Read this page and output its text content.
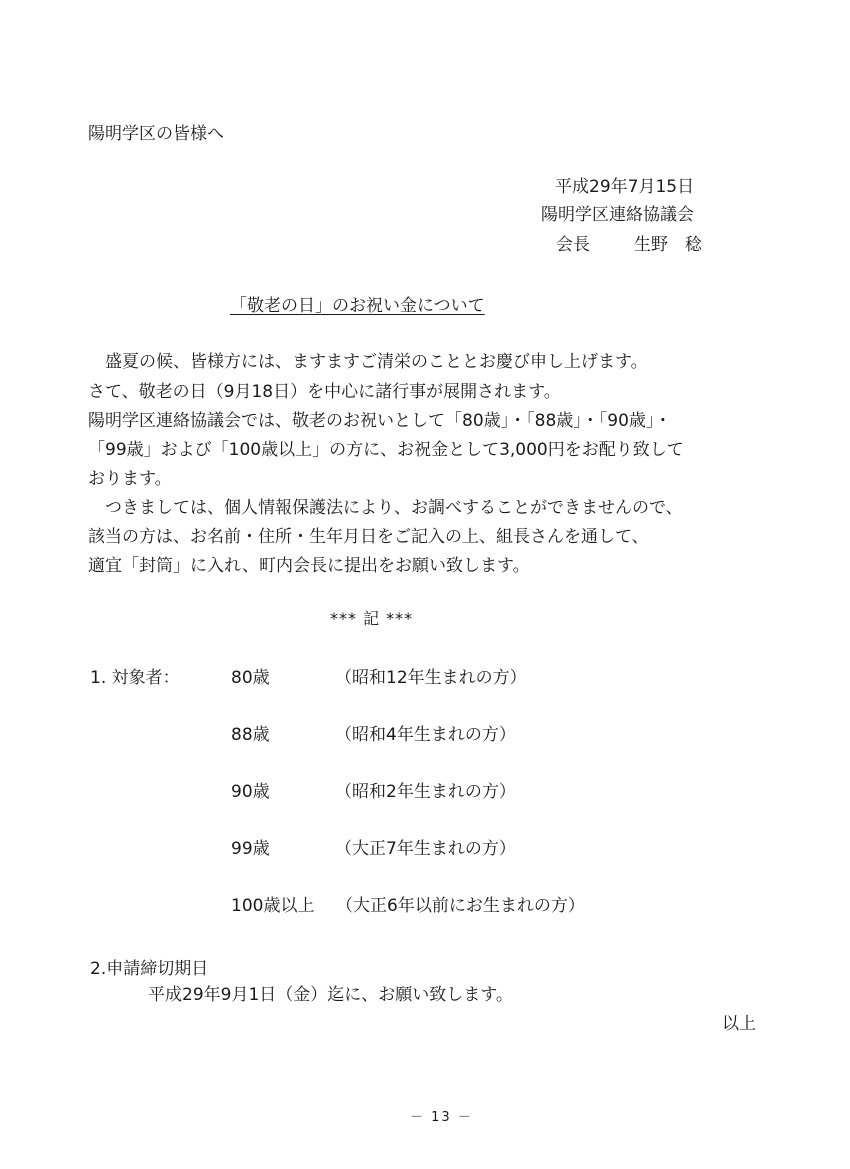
陽明学区の皆様へ
平成29年7月15日
陽明学区連絡協議会
会長	生野　稔
「敬老の日」のお祝い金について
　盛夏の候、皆様方には、ますますご清栄のこととお慶び申し上げます。
さて、敬老の日（9月18日）を中心に諸行事が展開されます。
陽明学区連絡協議会では、敬老のお祝いとして「80歳」・「88歳」・「90歳」・
「99歳」および「100歳以上」の方に、お祝金として3,000円をお配り致して
おります。
　つきましては、個人情報保護法により、お調べすることができませんので、
該当の方は、お名前・住所・生年月日をご記入の上、組長さんを通して、
適宜「封筒」に入れ、町内会長に提出をお願い致します。
*** 記 ***
1. 対象者：	80歳	（昭和12年生まれの方）
88歳	（昭和4年生まれの方）
90歳	（昭和2年生まれの方）
99歳	（大正7年生まれの方）
100歳以上 （大正6年以前にお生まれの方）
2.申請締切期日
平成29年9月1日（金）迄に、お願い致します。
以上
－ 13 －
